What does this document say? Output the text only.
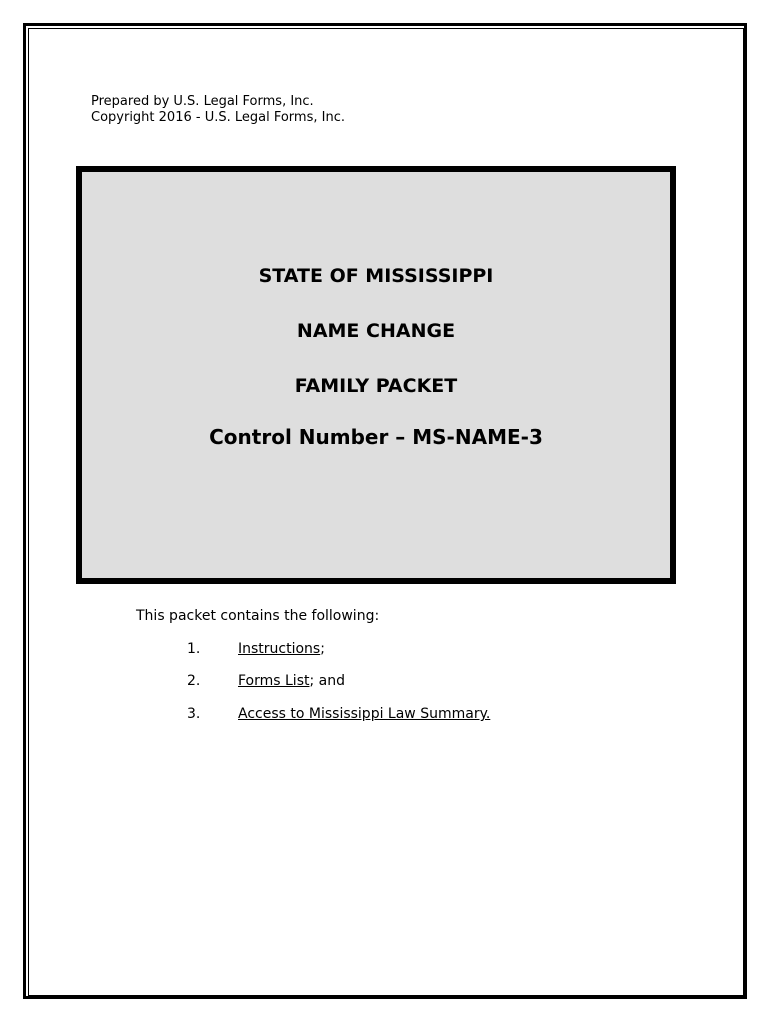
Prepared by U.S. Legal Forms, Inc.
Copyright 2016 - U.S. Legal Forms, Inc.
STATE OF MISSISSIPPI
NAME CHANGE
FAMILY PACKET
Control Number – MS-NAME-3
This packet contains the following:
1.	Instructions;
2.	Forms List; and
3.	Access to Mississippi Law Summary.
